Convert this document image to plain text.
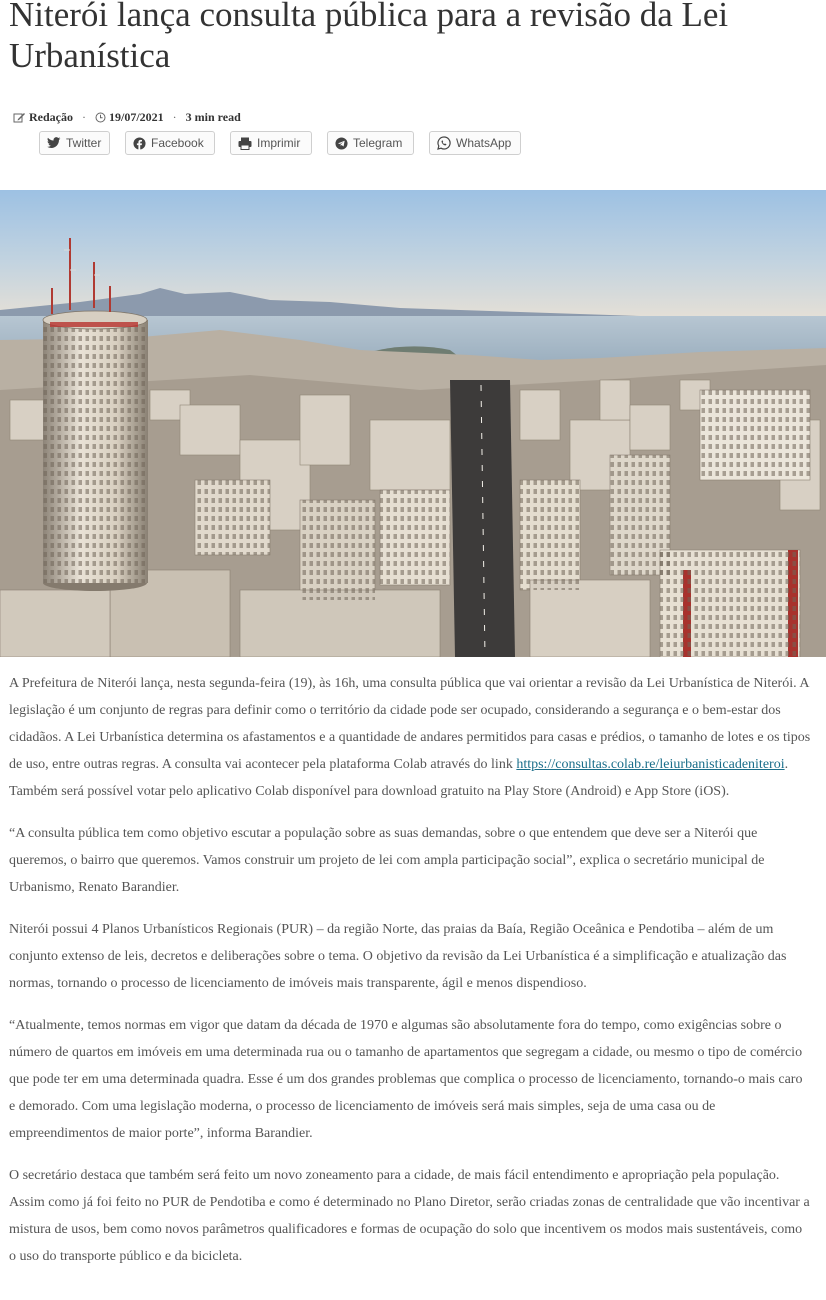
Niterói lança consulta pública para a revisão da Lei Urbanística
Redação · 19/07/2021 · 3 min read
Twitter	Facebook	Imprimir	Telegram	WhatsApp

A Prefeitura de Niterói lança, nesta segunda-feira (19), às 16h, uma consulta pública que vai orientar a revisão da Lei Urbanística de Niterói. A legislação é um conjunto de regras para definir como o território da cidade pode ser ocupado, considerando a segurança e o bem-estar dos cidadãos. A Lei Urbanística determina os afastamentos e a quantidade de andares permitidos para casas e prédios, o tamanho de lotes e os tipos de uso, entre outras regras. A consulta vai acontecer pela plataforma Colab através do link https://consultas.colab.re/leiurbanisticadeniteroi. Também será possível votar pelo aplicativo Colab disponível para download gratuito na Play Store (Android) e App Store (iOS).

“A consulta pública tem como objetivo escutar a população sobre as suas demandas, sobre o que entendem que deve ser a Niterói que queremos, o bairro que queremos. Vamos construir um projeto de lei com ampla participação social”, explica o secretário municipal de Urbanismo, Renato Barandier.

Niterói possui 4 Planos Urbanísticos Regionais (PUR) – da região Norte, das praias da Baía, Região Oceânica e Pendotiba – além de um conjunto extenso de leis, decretos e deliberações sobre o tema. O objetivo da revisão da Lei Urbanística é a simplificação e atualização das normas, tornando o processo de licenciamento de imóveis mais transparente, ágil e menos dispendioso.

“Atualmente, temos normas em vigor que datam da década de 1970 e algumas são absolutamente fora do tempo, como exigências sobre o número de quartos em imóveis em uma determinada rua ou o tamanho de apartamentos que segregam a cidade, ou mesmo o tipo de comércio que pode ter em uma determinada quadra. Esse é um dos grandes problemas que complica o processo de licenciamento, tornando-o mais caro e demorado. Com uma legislação moderna, o processo de licenciamento de imóveis será mais simples, seja de uma casa ou de empreendimentos de maior porte”, informa Barandier.

O secretário destaca que também será feito um novo zoneamento para a cidade, de mais fácil entendimento e apropriação pela população. Assim como já foi feito no PUR de Pendotiba e como é determinado no Plano Diretor, serão criadas zonas de centralidade que vão incentivar a mistura de usos, bem como novos parâmetros qualificadores e formas de ocupação do solo que incentivem os modos mais sustentáveis, como o uso do transporte público e da bicicleta.
